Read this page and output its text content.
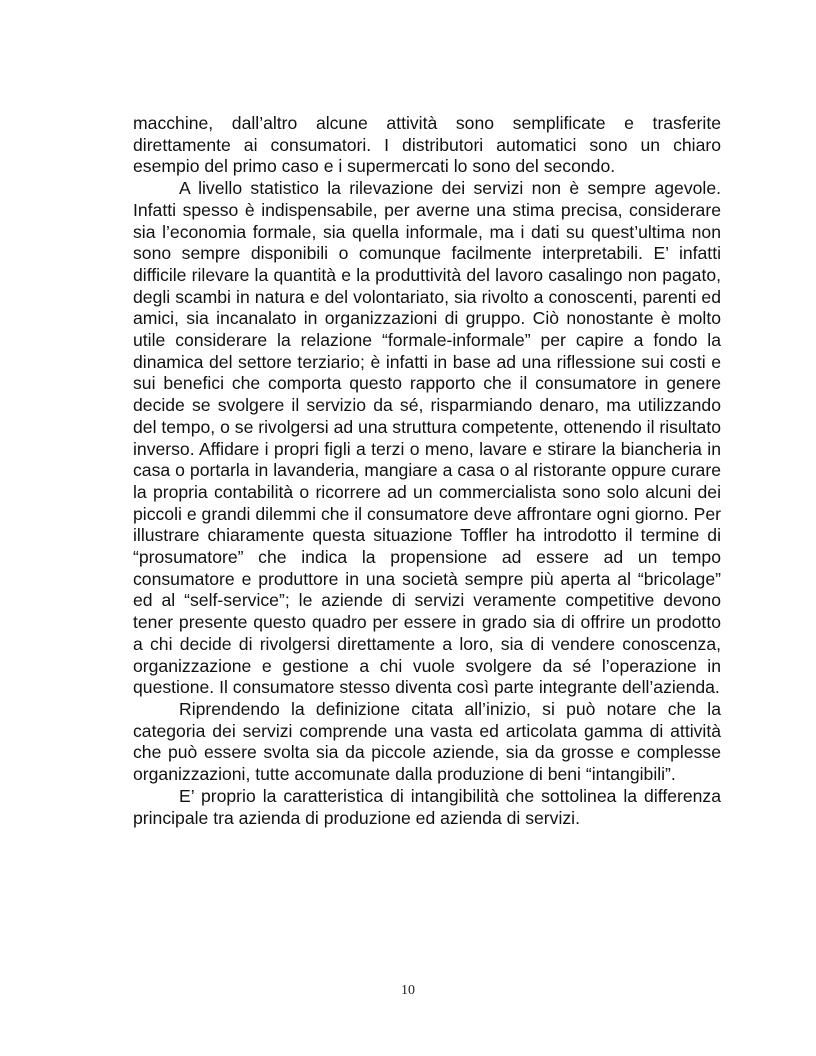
macchine, dall’altro alcune attività sono semplificate e trasferite direttamente ai consumatori. I distributori automatici sono un chiaro esempio del primo caso e i supermercati lo sono del secondo.

A livello statistico la rilevazione dei servizi non è sempre agevole. Infatti spesso è indispensabile, per averne una stima precisa, considerare sia l’economia formale, sia quella informale, ma i dati su quest’ultima non sono sempre disponibili o comunque facilmente interpretabili. E’ infatti difficile rilevare la quantità e la produttività del lavoro casalingo non pagato, degli scambi in natura e del volontariato, sia rivolto a conoscenti, parenti ed amici, sia incanalato in organizzazioni di gruppo. Ciò nonostante è molto utile considerare la relazione “formale-informale” per capire a fondo la dinamica del settore terziario; è infatti in base ad una riflessione sui costi e sui benefici che comporta questo rapporto che il consumatore in genere decide se svolgere il servizio da sé, risparmiando denaro, ma utilizzando del tempo, o se rivolgersi ad una struttura competente, ottenendo il risultato inverso. Affidare i propri figli a terzi o meno, lavare e stirare la biancheria in casa o portarla in lavanderia, mangiare a casa o al ristorante oppure curare la propria contabilità o ricorrere ad un commercialista sono solo alcuni dei piccoli e grandi dilemmi che il consumatore deve affrontare ogni giorno. Per illustrare chiaramente questa situazione Toffler ha introdotto il termine di “prosumatore” che indica la propensione ad essere ad un tempo consumatore e produttore in una società sempre più aperta al “bricolage” ed al “self-service”; le aziende di servizi veramente competitive devono tener presente questo quadro per essere in grado sia di offrire un prodotto a chi decide di rivolgersi direttamente a loro, sia di vendere conoscenza, organizzazione e gestione a chi vuole svolgere da sé l’operazione in questione. Il consumatore stesso diventa così parte integrante dell’azienda.

Riprendendo la definizione citata all’inizio, si può notare che la categoria dei servizi comprende una vasta ed articolata gamma di attività che può essere svolta sia da piccole aziende, sia da grosse e complesse organizzazioni, tutte accomunate dalla produzione di beni “intangibili”.

E’ proprio la caratteristica di intangibilità che sottolinea la differenza principale tra azienda di produzione ed azienda di servizi.

10
